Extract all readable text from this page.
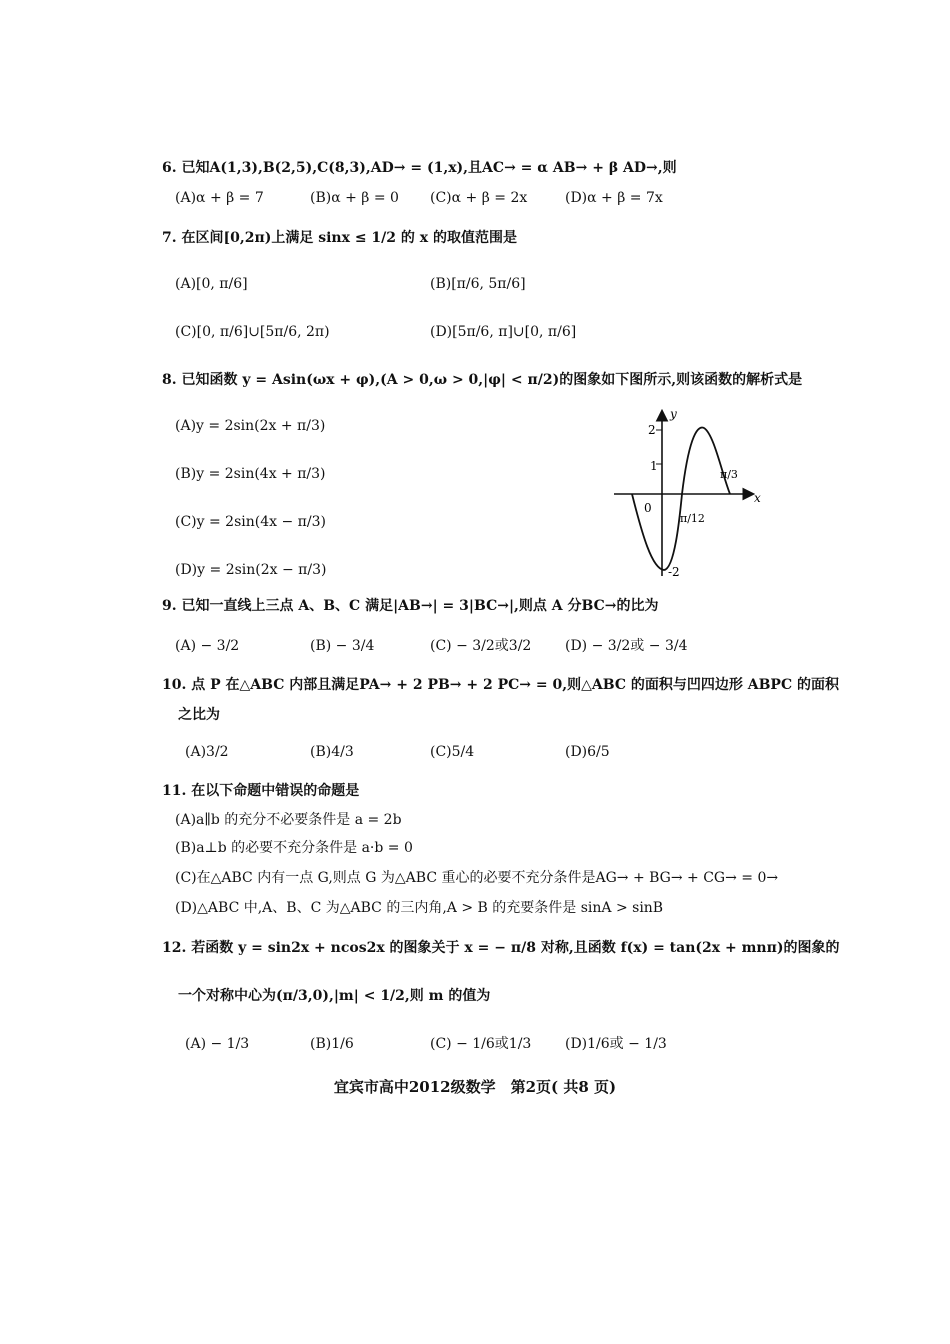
6. 已知A(1,3),B(2,5),C(8,3),AD→ = (1,x),且AC→ = α AB→ + β AD→,则
(A)α + β = 7	(B)α + β = 0 (C)α + β = 2x	(D)α + β = 7x
7. 在区间[0,2π)上满足 sinx ≤ 1/2 的 x 的取值范围是
(A)[0, π/6]	(B)[π/6, 5π/6]
(C)[0, π/6]∪[5π/6, 2π)	(D)[5π/6, π]∪[0, π/6]
8. 已知函数 y = Asin(ωx + φ),(A > 0,ω > 0,|φ| < π/2)的图象如下图所示,则该函数的解析式是
(A)y = 2sin(2x + π/3)
(B)y = 2sin(4x + π/3)
(C)y = 2sin(4x − π/3)
(D)y = 2sin(2x − π/3)
y
x
2
1
0
-2
π/3
π/12
9. 已知一直线上三点 A、B、C 满足|AB→| = 3|BC→|,则点 A 分BC→的比为
(A) − 3/2	(B) − 3/4	(C) − 3/2或3/2 (D) − 3/2或 − 3/4
10. 点 P 在△ABC 内部且满足PA→ + 2 PB→ + 2 PC→ = 0,则△ABC 的面积与凹四边形 ABPC 的面积
之比为
(A)3/2	(B)4/3	(C)5/4	(D)6/5
11. 在以下命题中错误的命题是
(A)a∥b 的充分不必要条件是 a = 2b
(B)a⊥b 的必要不充分条件是 a·b = 0
(C)在△ABC 内有一点 G,则点 G 为△ABC 重心的必要不充分条件是AG→ + BG→ + CG→ = 0→
(D)△ABC 中,A、B、C 为△ABC 的三内角,A > B 的充要条件是 sinA > sinB
12. 若函数 y = sin2x + ncos2x 的图象关于 x = − π/8 对称,且函数 f(x) = tan(2x + mnπ)的图象的
一个对称中心为(π/3,0),|m| < 1/2,则 m 的值为
(A) − 1/3	(B)1/6	(C) − 1/6或1/3 (D)1/6或 − 1/3
宜宾市高中2012级数学　第2页( 共8 页)
